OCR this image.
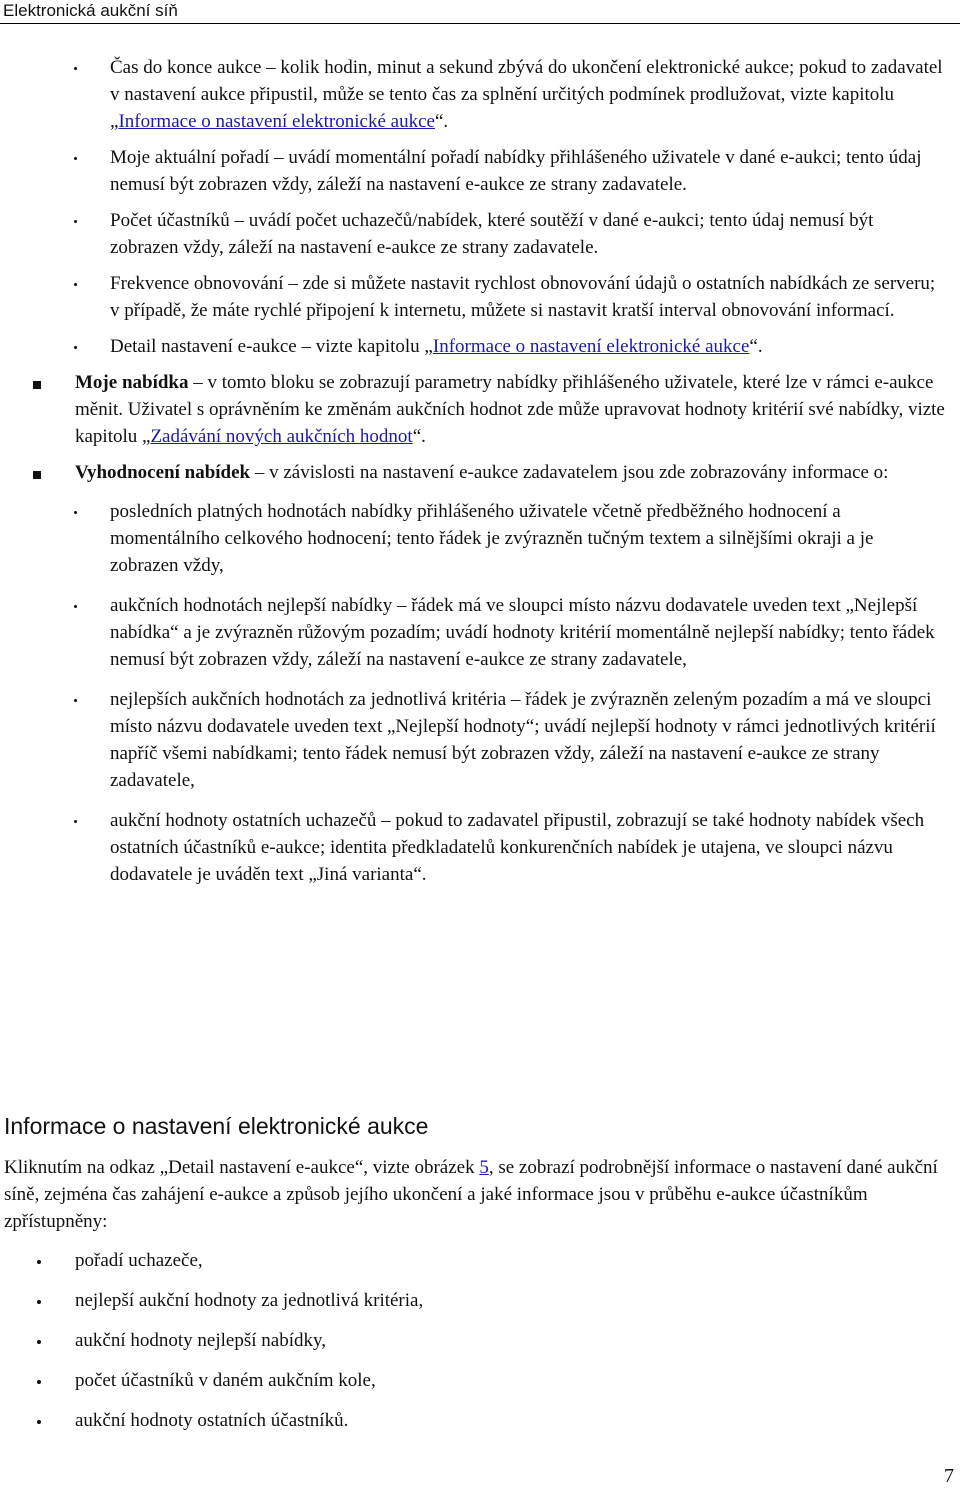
Elektronická aukční síň
Čas do konce aukce – kolik hodin, minut a sekund zbývá do ukončení elektronické aukce; pokud to zadavatel v nastavení aukce připustil, může se tento čas za splnění určitých podmínek prodlužovat, vizte kapitolu „Informace o nastavení elektronické aukce“.
Moje aktuální pořadí – uvádí momentální pořadí nabídky přihlášeného uživatele v dané e-aukci; tento údaj nemusí být zobrazen vždy, záleží na nastavení e-aukce ze strany zadavatele.
Počet účastníků – uvádí počet uchazečů/nabídek, které soutěží v dané e-aukci; tento údaj nemusí být zobrazen vždy, záleží na nastavení e-aukce ze strany zadavatele.
Frekvence obnovování – zde si můžete nastavit rychlost obnovování údajů o ostatních nabídkách ze serveru; v případě, že máte rychlé připojení k internetu, můžete si nastavit kratší interval obnovování informací.
Detail nastavení e-aukce – vizte kapitolu „Informace o nastavení elektronické aukce“.
Moje nabídka – v tomto bloku se zobrazují parametry nabídky přihlášeného uživatele, které lze v rámci e-aukce měnit. Uživatel s oprávněním ke změnám aukčních hodnot zde může upravovat hodnoty kritérií své nabídky, vizte kapitolu „Zadávání nových aukčních hodnot“.
Vyhodnocení nabídek – v závislosti na nastavení e-aukce zadavatelem jsou zde zobrazovány informace o:
posledních platných hodnotách nabídky přihlášeného uživatele včetně předběžného hodnocení a momentálního celkového hodnocení; tento řádek je zvýrazněn tučným textem a silnějšími okraji a je zobrazen vždy,
aukčních hodnotách nejlepší nabídky – řádek má ve sloupci místo názvu dodavatele uveden text „Nejlepší nabídka“ a je zvýrazněn růžovým pozadím; uvádí hodnoty kritérií momentálně nejlepší nabídky; tento řádek nemusí být zobrazen vždy, záleží na nastavení e-aukce ze strany zadavatele,
nejlepších aukčních hodnotách za jednotlivá kritéria – řádek je zvýrazněn zeleným pozadím a má ve sloupci místo názvu dodavatele uveden text „Nejlepší hodnoty“; uvádí nejlepší hodnoty v rámci jednotlivých kritérií napříč všemi nabídkami; tento řádek nemusí být zobrazen vždy, záleží na nastavení e-aukce ze strany zadavatele,
aukční hodnoty ostatních uchazečů – pokud to zadavatel připustil, zobrazují se také hodnoty nabídek všech ostatních účastníků e-aukce; identita předkladatelů konkurenčních nabídek je utajena, ve sloupci názvu dodavatele je uváděn text „Jiná varianta“.
Informace o nastavení elektronické aukce
Kliknutím na odkaz „Detail nastavení e-aukce“, vizte obrázek 5, se zobrazí podrobnější informace o nastavení dané aukční síně, zejména čas zahájení e-aukce a způsob jejího ukončení a jaké informace jsou v průběhu e-aukce účastníkům zpřístupněny:
pořadí uchazeče,
nejlepší aukční hodnoty za jednotlivá kritéria,
aukční hodnoty nejlepší nabídky,
počet účastníků v daném aukčním kole,
aukční hodnoty ostatních účastníků.
7
